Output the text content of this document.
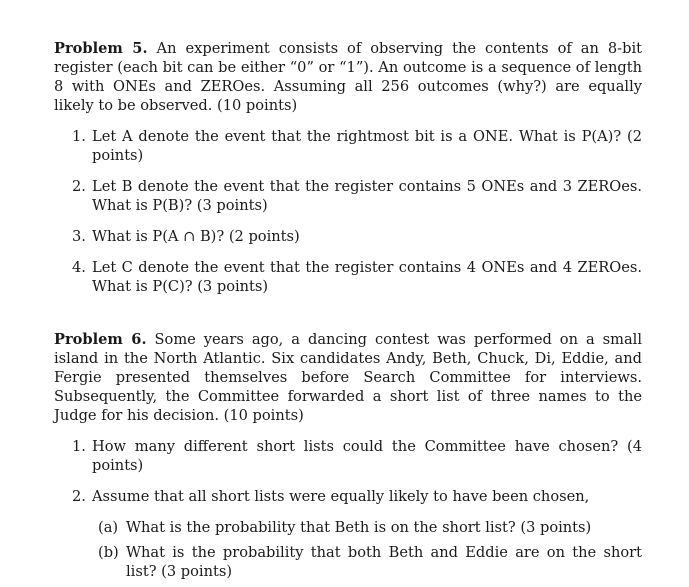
Problem 5. An experiment consists of observing the contents of an 8-bit register (each bit can be either “0” or “1”). An outcome is a sequence of length 8 with ONEs and ZEROes. Assuming all 256 outcomes (why?) are equally likely to be observed. (10 points)

1. Let A denote the event that the rightmost bit is a ONE. What is P(A)? (2 points)
2. Let B denote the event that the register contains 5 ONEs and 3 ZEROes. What is P(B)? (3 points)
3. What is P(A ∩ B)? (2 points)
4. Let C denote the event that the register contains 4 ONEs and 4 ZEROes. What is P(C)? (3 points)

Problem 6. Some years ago, a dancing contest was performed on a small island in the North Atlantic. Six candidates Andy, Beth, Chuck, Di, Eddie, and Fergie presented themselves before Search Committee for interviews. Subsequently, the Committee forwarded a short list of three names to the Judge for his decision. (10 points)

1. How many different short lists could the Committee have chosen? (4 points)
2. Assume that all short lists were equally likely to have been chosen,
(a) What is the probability that Beth is on the short list? (3 points)
(b) What is the probability that both Beth and Eddie are on the short list? (3 points)
